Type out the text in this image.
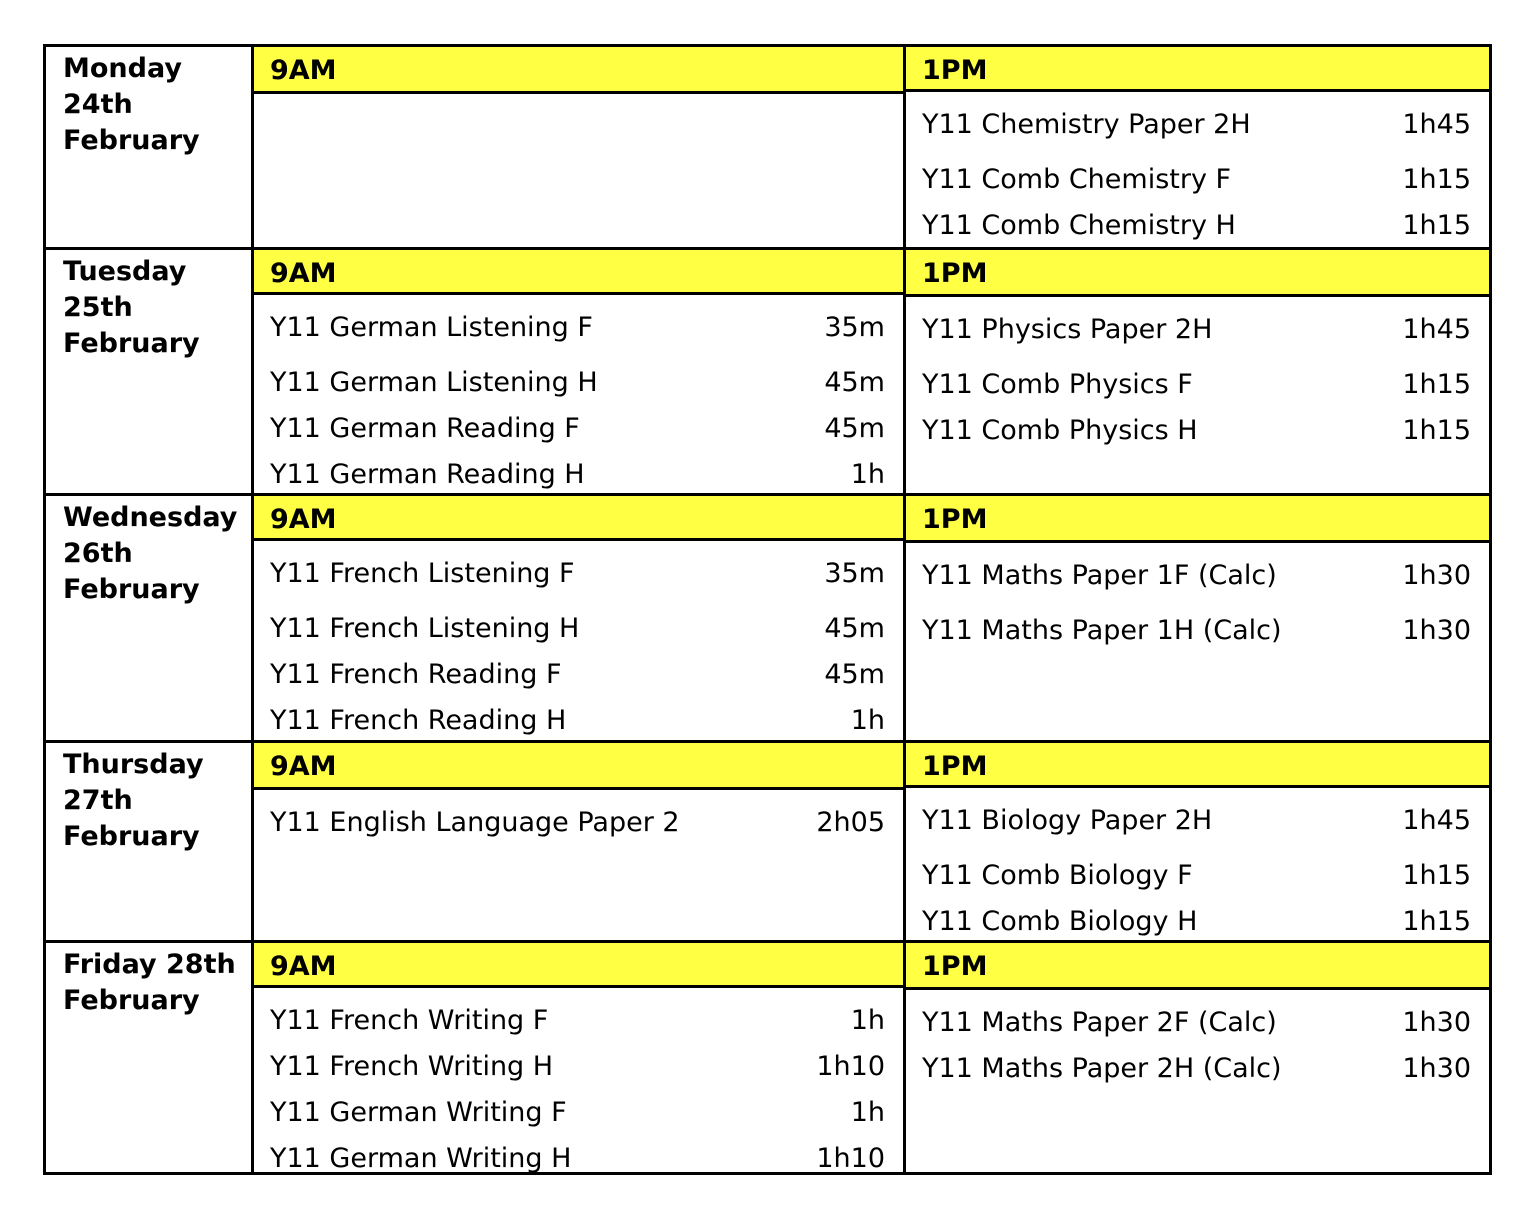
Monday
24th
February
9AM	1PM
Y11 Chemistry Paper 2H	1h45
Y11 Comb Chemistry F	1h15
Y11 Comb Chemistry H	1h15
Tuesday
25th
February
9AM
Y11 German Listening F	35m
Y11 German Listening H	45m
Y11 German Reading F	45m
Y11 German Reading H	1h
1PM
Y11 Physics Paper 2H	1h45
Y11 Comb Physics F	1h15
Y11 Comb Physics H	1h15
Wednesday
26th
February
9AM
Y11 French Listening F	35m
Y11 French Listening H	45m
Y11 French Reading F	45m
Y11 French Reading H	1h
1PM
Y11 Maths Paper 1F (Calc)	1h30
Y11 Maths Paper 1H (Calc)	1h30
Thursday
27th
February
9AM
Y11 English Language Paper 2	2h05
1PM
Y11 Biology Paper 2H	1h45
Y11 Comb Biology F	1h15
Y11 Comb Biology H	1h15
Friday 28th
February
9AM
Y11 French Writing F	1h
Y11 French Writing H	1h10
Y11 German Writing F	1h
Y11 German Writing H	1h10
1PM
Y11 Maths Paper 2F (Calc)	1h30
Y11 Maths Paper 2H (Calc)	1h30
